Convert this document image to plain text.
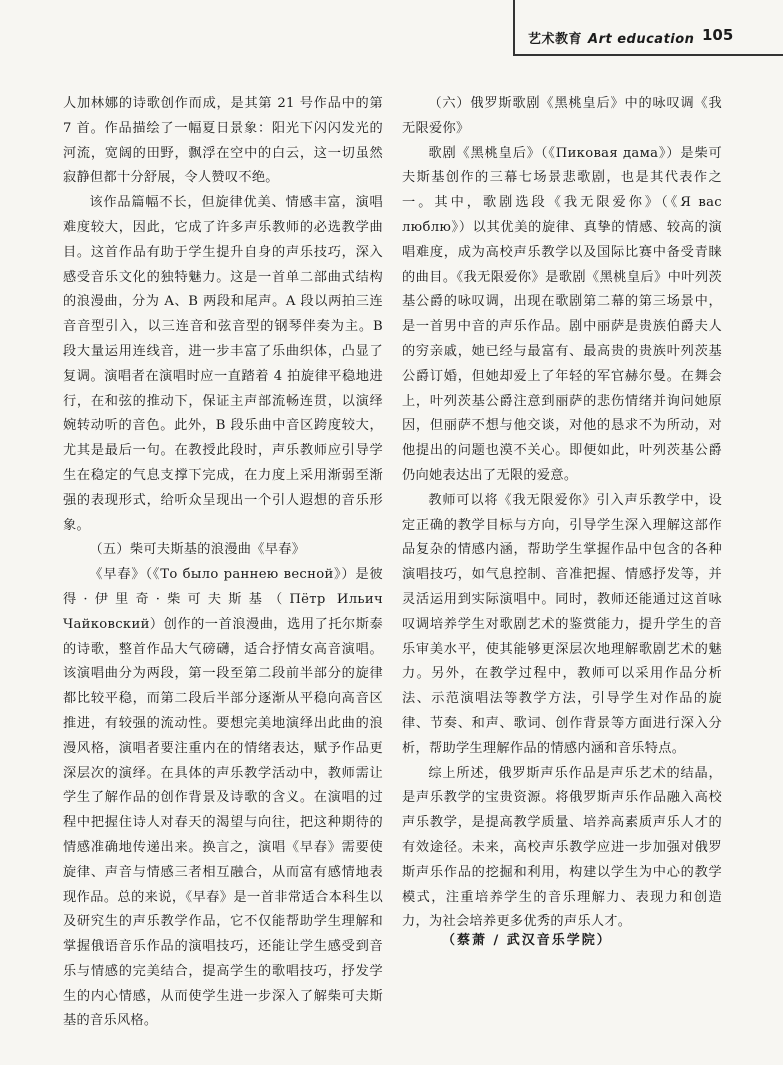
艺术教育 Art education 105

人加林娜的诗歌创作而成，是其第 21 号作品中的第 7 首。作品描绘了一幅夏日景象：阳光下闪闪发光的河流，宽阔的田野，飘浮在空中的白云，这一切虽然寂静但都十分舒展，令人赞叹不绝。

该作品篇幅不长，但旋律优美、情感丰富，演唱难度较大，因此，它成了许多声乐教师的必选教学曲目。这首作品有助于学生提升自身的声乐技巧，深入感受音乐文化的独特魅力。这是一首单二部曲式结构的浪漫曲，分为 A、B 两段和尾声。A 段以两拍三连音音型引入，以三连音和弦音型的钢琴伴奏为主。B 段大量运用连线音，进一步丰富了乐曲织体，凸显了复调。演唱者在演唱时应一直踏着 4 拍旋律平稳地进行，在和弦的推动下，保证主声部流畅连贯，以演绎婉转动听的音色。此外，B 段乐曲中音区跨度较大，尤其是最后一句。在教授此段时，声乐教师应引导学生在稳定的气息支撑下完成，在力度上采用渐弱至渐强的表现形式，给听众呈现出一个引人遐想的音乐形象。

（五）柴可夫斯基的浪漫曲《早春》

《早春》（《То было раннею весной》）是彼得·伊里奇·柴可夫斯基（Пётр Ильич Чайковский）创作的一首浪漫曲，选用了托尔斯泰的诗歌，整首作品大气磅礴，适合抒情女高音演唱。该演唱曲分为两段，第一段至第二段前半部分的旋律都比较平稳，而第二段后半部分逐渐从平稳向高音区推进，有较强的流动性。要想完美地演绎出此曲的浪漫风格，演唱者要注重内在的情绪表达，赋予作品更深层次的演绎。在具体的声乐教学活动中，教师需让学生了解作品的创作背景及诗歌的含义。在演唱的过程中把握住诗人对春天的渴望与向往，把这种期待的情感准确地传递出来。换言之，演唱《早春》需要使旋律、声音与情感三者相互融合，从而富有感情地表现作品。总的来说，《早春》是一首非常适合本科生以及研究生的声乐教学作品，它不仅能帮助学生理解和掌握俄语音乐作品的演唱技巧，还能让学生感受到音乐与情感的完美结合，提高学生的歌唱技巧，抒发学生的内心情感，从而使学生进一步深入了解柴可夫斯基的音乐风格。

（六）俄罗斯歌剧《黑桃皇后》中的咏叹调《我无限爱你》

歌剧《黑桃皇后》（《Пиковая дама》）是柴可夫斯基创作的三幕七场景悲歌剧，也是其代表作之一。其中，歌剧选段《我无限爱你》（《Я вас люблю》）以其优美的旋律、真挚的情感、较高的演唱难度，成为高校声乐教学以及国际比赛中备受青睐的曲目。《我无限爱你》是歌剧《黑桃皇后》中叶列茨基公爵的咏叹调，出现在歌剧第二幕的第三场景中，是一首男中音的声乐作品。剧中丽萨是贵族伯爵夫人的穷亲戚，她已经与最富有、最高贵的贵族叶列茨基公爵订婚，但她却爱上了年轻的军官赫尔曼。在舞会上，叶列茨基公爵注意到丽萨的悲伤情绪并询问她原因，但丽萨不想与他交谈，对他的恳求不为所动，对他提出的问题也漠不关心。即便如此，叶列茨基公爵仍向她表达出了无限的爱意。

教师可以将《我无限爱你》引入声乐教学中，设定正确的教学目标与方向，引导学生深入理解这部作品复杂的情感内涵，帮助学生掌握作品中包含的各种演唱技巧，如气息控制、音准把握、情感抒发等，并灵活运用到实际演唱中。同时，教师还能通过这首咏叹调培养学生对歌剧艺术的鉴赏能力，提升学生的音乐审美水平，使其能够更深层次地理解歌剧艺术的魅力。另外，在教学过程中，教师可以采用作品分析法、示范演唱法等教学方法，引导学生对作品的旋律、节奏、和声、歌词、创作背景等方面进行深入分析，帮助学生理解作品的情感内涵和音乐特点。

综上所述，俄罗斯声乐作品是声乐艺术的结晶，是声乐教学的宝贵资源。将俄罗斯声乐作品融入高校声乐教学，是提高教学质量、培养高素质声乐人才的有效途径。未来，高校声乐教学应进一步加强对俄罗斯声乐作品的挖掘和利用，构建以学生为中心的教学模式，注重培养学生的音乐理解力、表现力和创造力，为社会培养更多优秀的声乐人才。

（蔡萧 / 武汉音乐学院）
